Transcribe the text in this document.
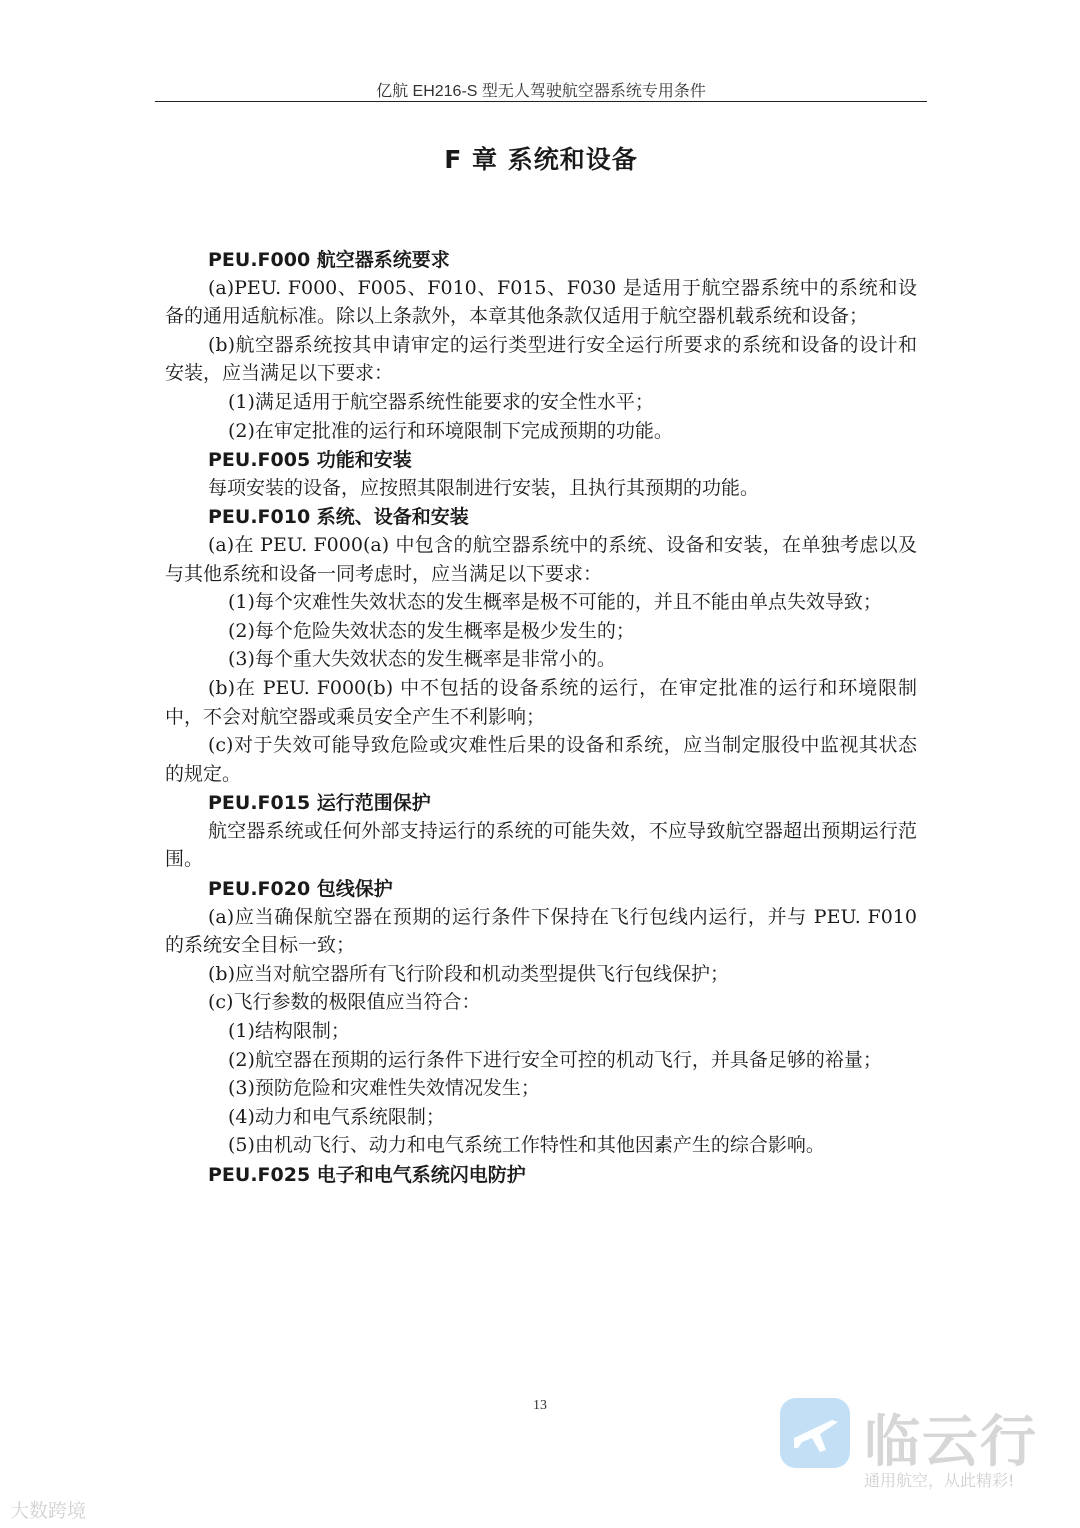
亿航 EH216-S 型无人驾驶航空器系统专用条件
F 章 系统和设备
PEU.F000 航空器系统要求
(a)PEU. F000、F005、F010、F015、F030 是适用于航空器系统中的系统和设备的通用适航标准。除以上条款外，本章其他条款仅适用于航空器机载系统和设备；
(b)航空器系统按其申请审定的运行类型进行安全运行所要求的系统和设备的设计和安装，应当满足以下要求：
(1)满足适用于航空器系统性能要求的安全性水平；
(2)在审定批准的运行和环境限制下完成预期的功能。
PEU.F005 功能和安装
每项安装的设备，应按照其限制进行安装，且执行其预期的功能。
PEU.F010 系统、设备和安装
(a)在 PEU. F000(a) 中包含的航空器系统中的系统、设备和安装，在单独考虑以及与其他系统和设备一同考虑时，应当满足以下要求：
(1)每个灾难性失效状态的发生概率是极不可能的，并且不能由单点失效导致；
(2)每个危险失效状态的发生概率是极少发生的；
(3)每个重大失效状态的发生概率是非常小的。
(b)在 PEU. F000(b) 中不包括的设备系统的运行，在审定批准的运行和环境限制中，不会对航空器或乘员安全产生不利影响；
(c)对于失效可能导致危险或灾难性后果的设备和系统，应当制定服役中监视其状态的规定。
PEU.F015 运行范围保护
航空器系统或任何外部支持运行的系统的可能失效，不应导致航空器超出预期运行范围。
PEU.F020 包线保护
(a)应当确保航空器在预期的运行条件下保持在飞行包线内运行，并与 PEU. F010 的系统安全目标一致；
(b)应当对航空器所有飞行阶段和机动类型提供飞行包线保护；
(c)飞行参数的极限值应当符合：
(1)结构限制；
(2)航空器在预期的运行条件下进行安全可控的机动飞行，并具备足够的裕量；
(3)预防危险和灾难性失效情况发生；
(4)动力和电气系统限制；
(5)由机动飞行、动力和电气系统工作特性和其他因素产生的综合影响。
PEU.F025 电子和电气系统闪电防护
13
临云行
通用航空，从此精彩!
大数跨境
